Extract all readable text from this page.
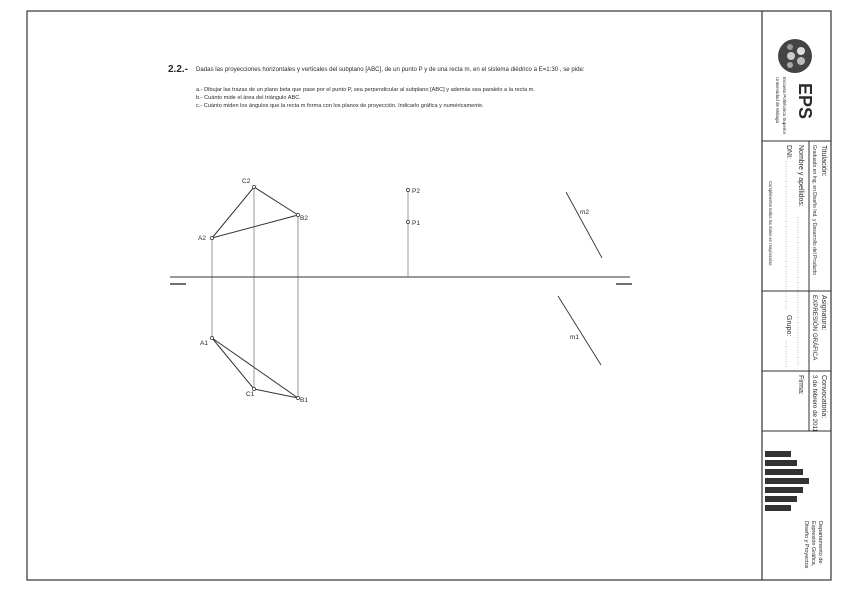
2.2.- Dadas las proyecciones horizontales y verticales del subplano [ABC], de un punto P y de una recta m, en el sistema diédrico a E=1:30 , se pide:
a.- Dibujar las trazas de un plano beta que pase por el punto P, sea perpendicular al subplano [ABC] y además sea paralelo a la recta m.
b.- Cuánto mide el área del triángulo ABC.
c.- Cuánto miden los ángulos que la recta m forma con los planos de proyección. Indicarlo gráfica y numéricamente.
A2
B2
C2
A1
B1
C1
P2
P1
m2
m1
EPS
Escuela Politécnica Superior
Universidad de Málaga
Titulación:
Graduado en Ing. en Diseño Ind. y Desarrollo del Producto
Nombre y apellidos:
DNI:
Grupo:
Cumplimentar todos los datos en mayúsculas
Asignatura:
EXPRESIÓN GRÁFICA
Convocatoria:
3 de febrero de 2011
Firma:
Departamento de
Expresión Gráfica,
Diseño y Proyectos
